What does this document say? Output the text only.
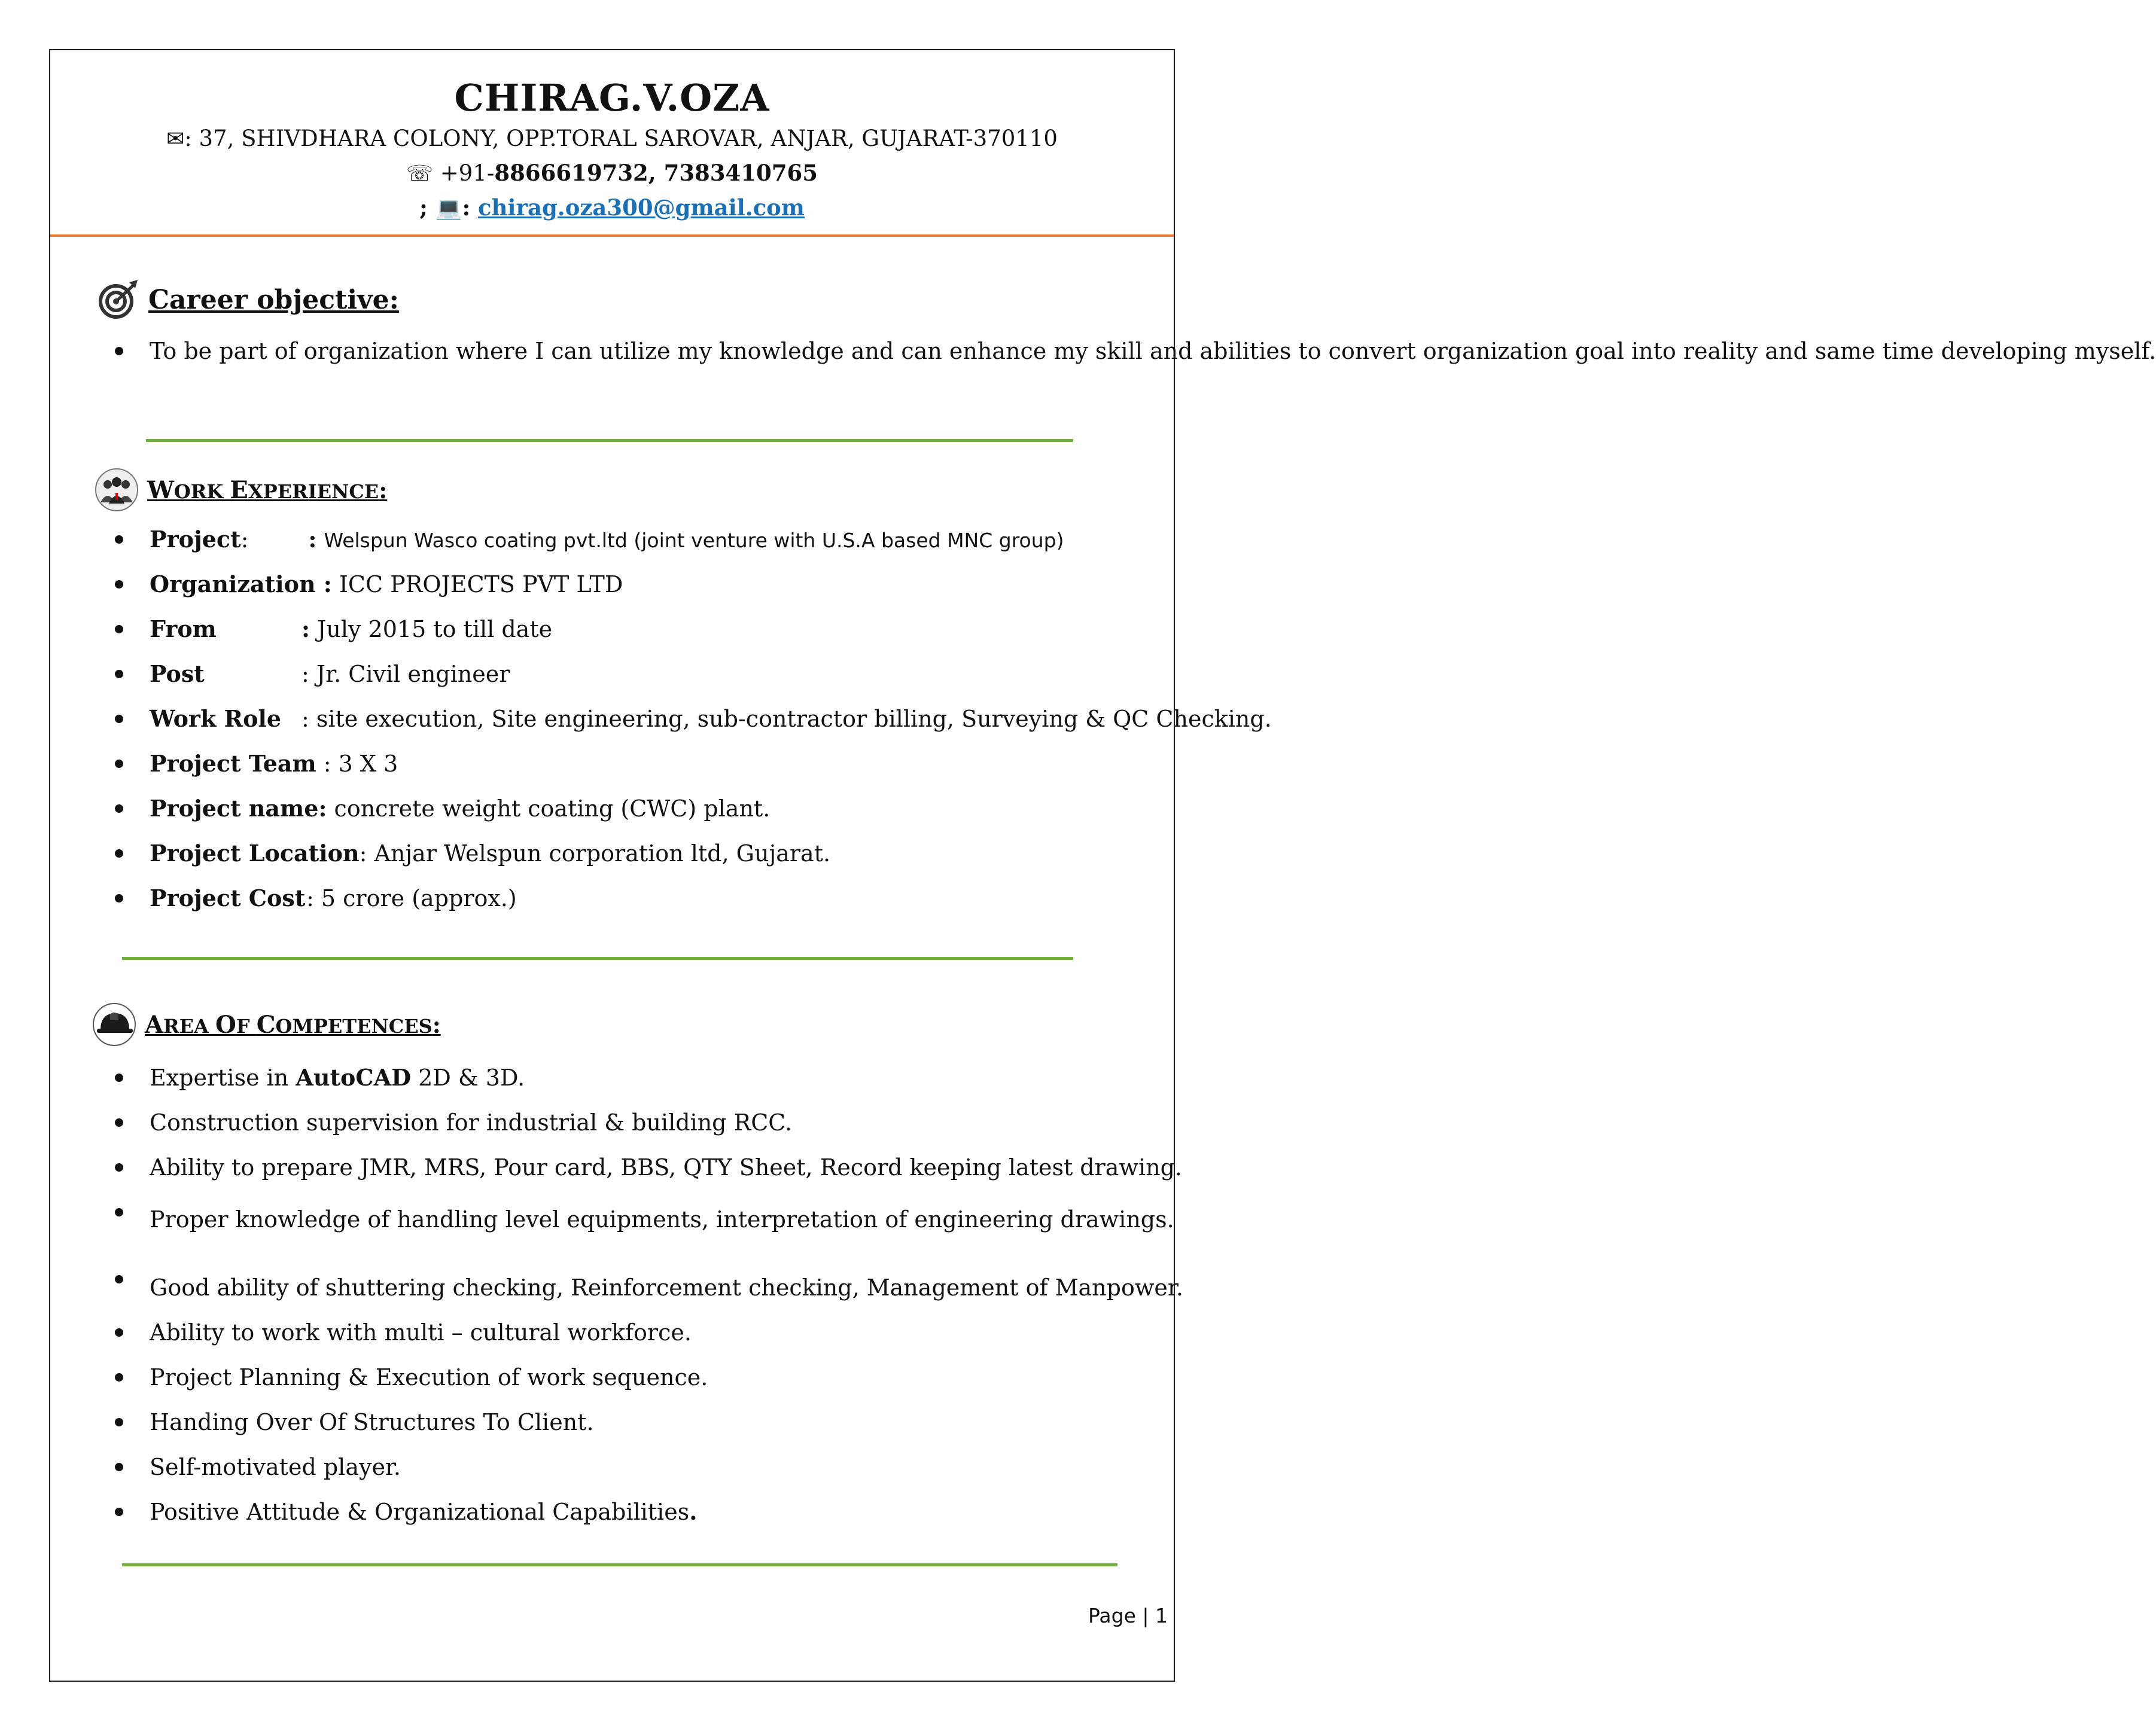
CHIRAG.V.OZA
✉: 37, SHIVDHARA COLONY, OPP.TORAL SAROVAR, ANJAR, GUJARAT-370110
☏ +91-8866619732, 7383410765
; 💻: chirag.oza300@gmail.com
Career objective:
To be part of organization where I can utilize my knowledge and can enhance my skill and abilities to convert organization goal into reality and same time developing myself.
WORK EXPERIENCE :
Project:	: Welspun Wasco coating pvt.ltd (joint venture with U.S.A based MNC group)
Organization : ICC PROJECTS PVT LTD
From	: July 2015 to till date
Post	: Jr. Civil engineer
Work Role : site execution, Site engineering, sub-contractor billing, Surveying & QC Checking.
Project Team : 3 X 3
Project name: concrete weight coating (CWC) plant.
Project Location: Anjar Welspun corporation ltd, Gujarat.
Project Cost: 5 crore (approx.)
AREA OF COMPETENCES:
Expertise in AutoCAD 2D & 3D.
Construction supervision for industrial & building RCC.
Ability to prepare JMR, MRS, Pour card, BBS, QTY Sheet, Record keeping latest drawing.
Proper knowledge of handling level equipments, interpretation of engineering drawings.
Good ability of shuttering checking, Reinforcement checking, Management of Manpower.
Ability to work with multi – cultural workforce.
Project Planning & Execution of work sequence.
Handing Over Of Structures To Client.
Self-motivated player.
Positive Attitude & Organizational Capabilities.
Page | 1
